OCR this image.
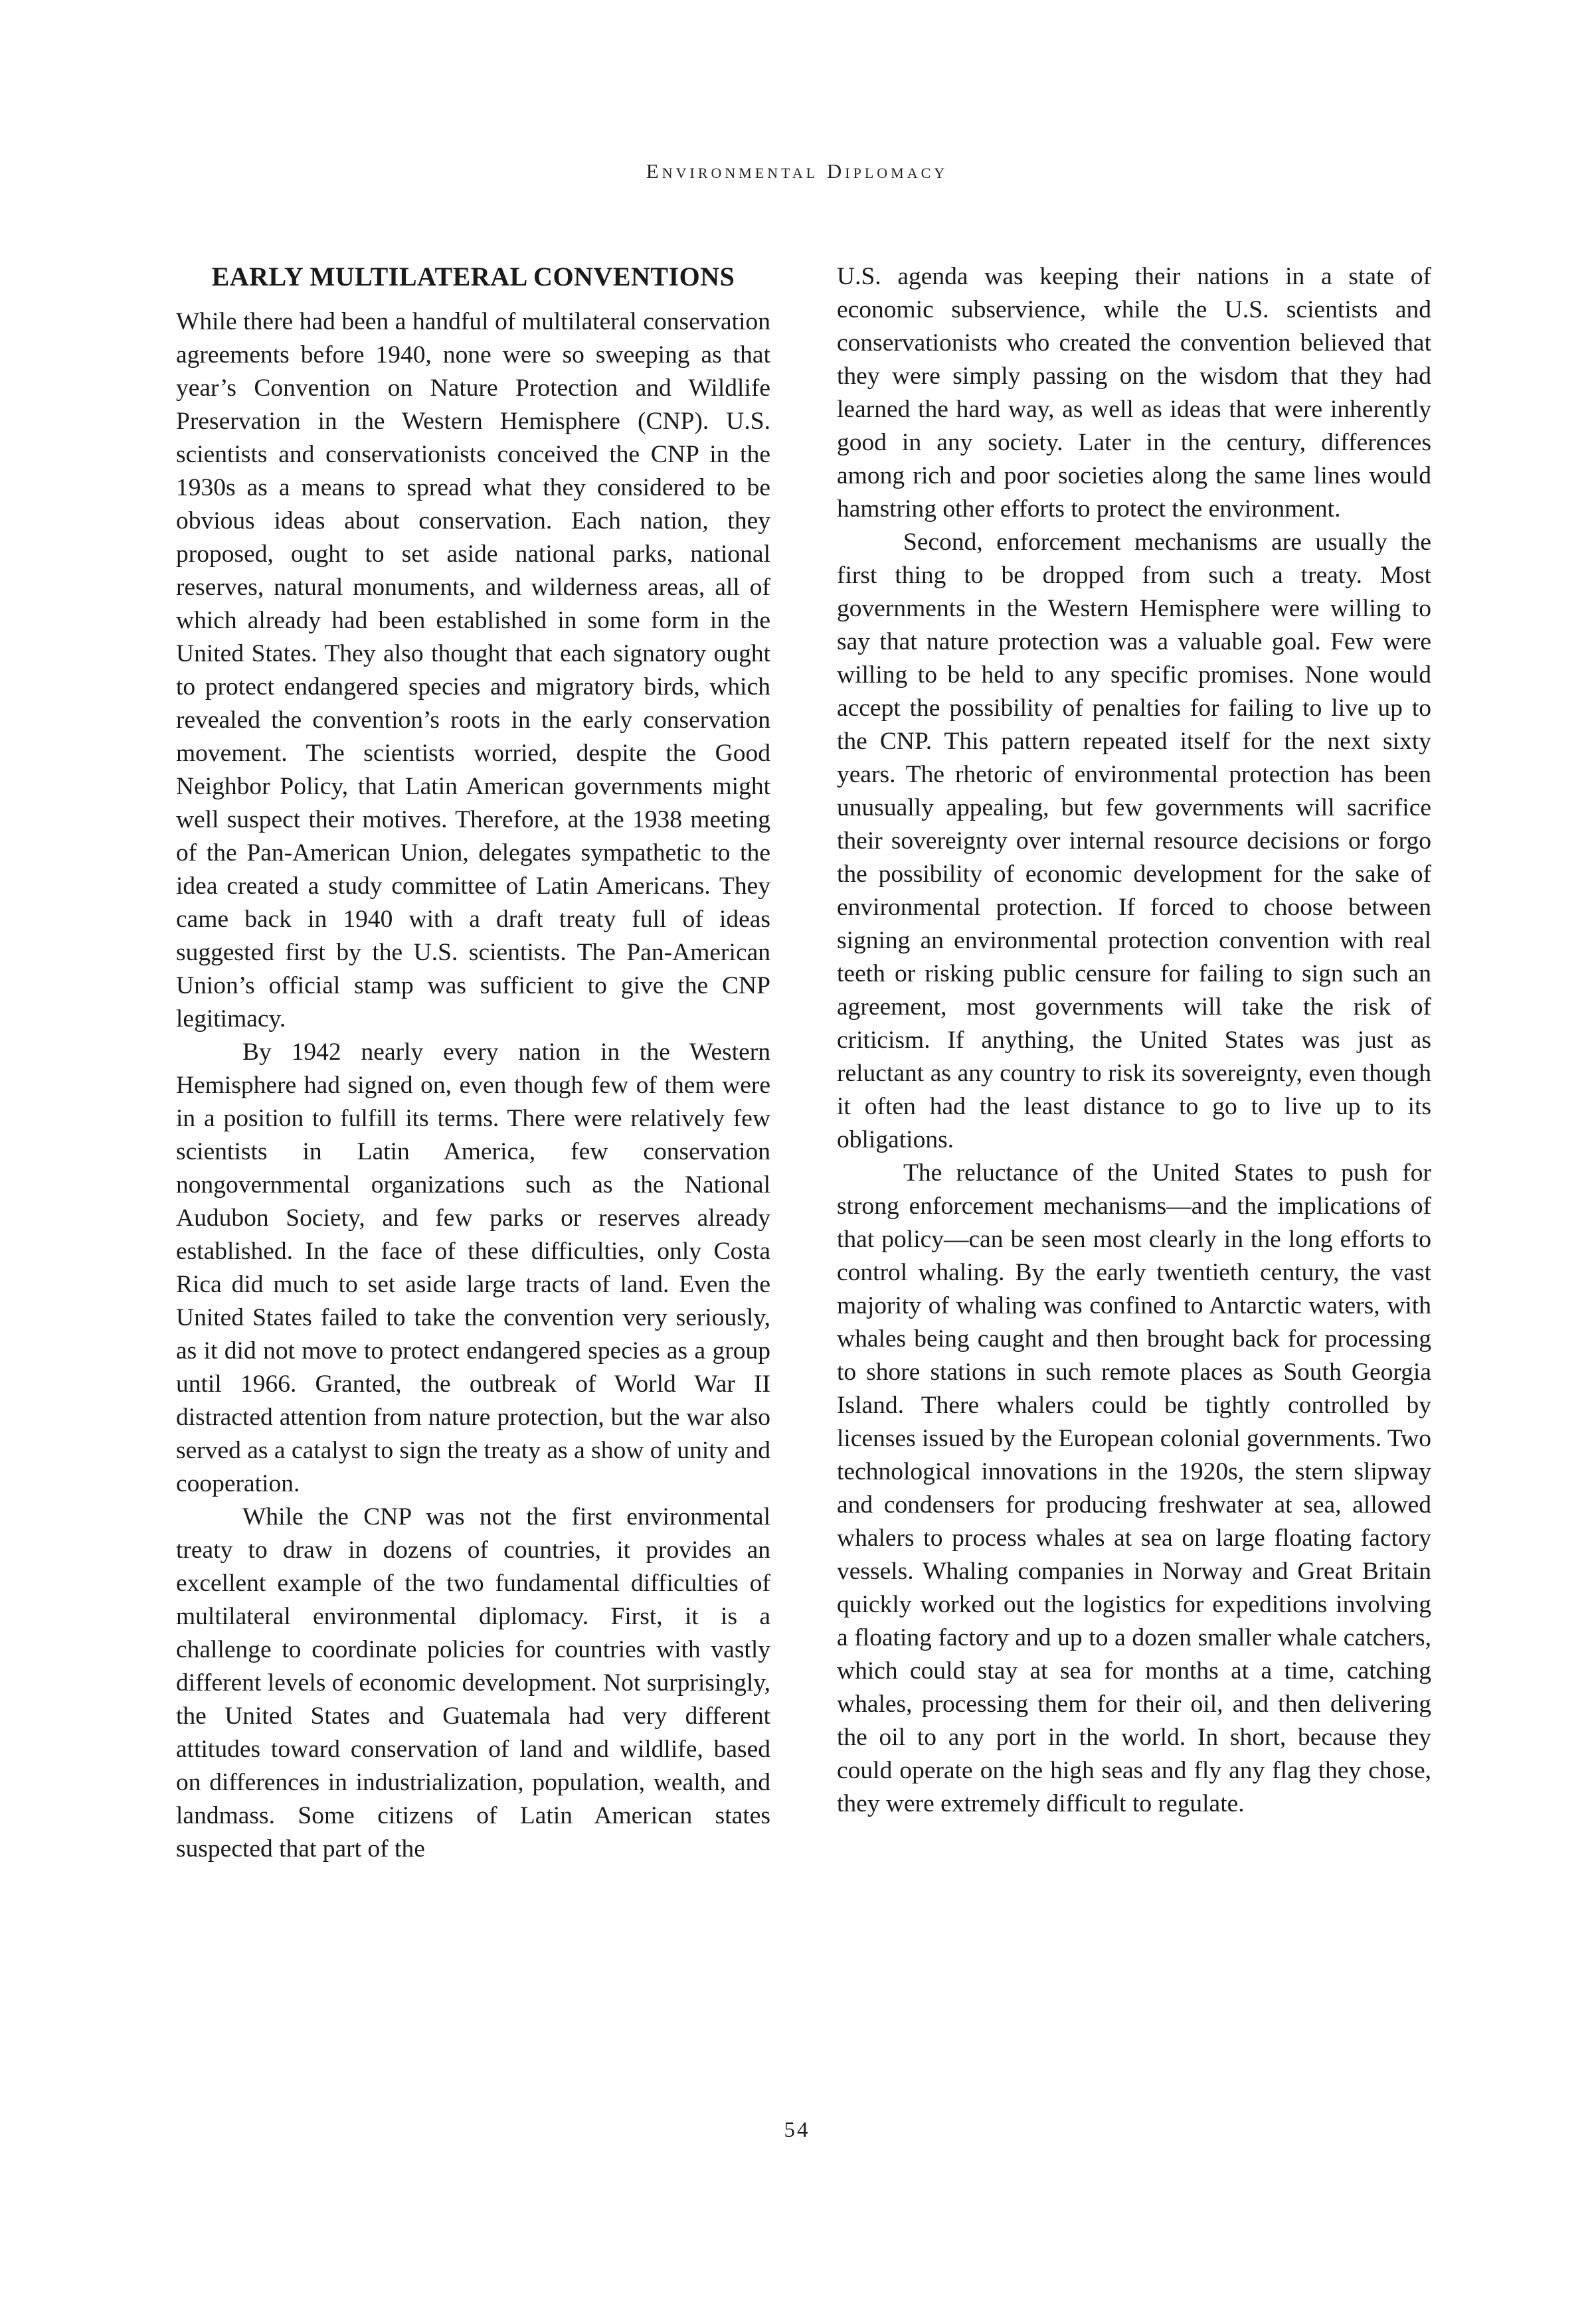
Environmental Diplomacy
EARLY MULTILATERAL CONVENTIONS

While there had been a handful of multilateral conservation agreements before 1940, none were so sweeping as that year’s Convention on Nature Protection and Wildlife Preservation in the Western Hemisphere (CNP). U.S. scientists and conservationists conceived the CNP in the 1930s as a means to spread what they considered to be obvious ideas about conservation. Each nation, they proposed, ought to set aside national parks, national reserves, natural monuments, and wilderness areas, all of which already had been established in some form in the United States. They also thought that each signatory ought to protect endangered species and migratory birds, which revealed the convention’s roots in the early conservation movement. The scientists worried, despite the Good Neighbor Policy, that Latin American governments might well suspect their motives. Therefore, at the 1938 meeting of the Pan-American Union, delegates sympathetic to the idea created a study committee of Latin Americans. They came back in 1940 with a draft treaty full of ideas suggested first by the U.S. scientists. The Pan-American Union’s official stamp was sufficient to give the CNP legitimacy.

By 1942 nearly every nation in the Western Hemisphere had signed on, even though few of them were in a position to fulfill its terms. There were relatively few scientists in Latin America, few conservation nongovernmental organizations such as the National Audubon Society, and few parks or reserves already established. In the face of these difficulties, only Costa Rica did much to set aside large tracts of land. Even the United States failed to take the convention very seriously, as it did not move to protect endangered species as a group until 1966. Granted, the outbreak of World War II distracted attention from nature protection, but the war also served as a catalyst to sign the treaty as a show of unity and cooperation.

While the CNP was not the first environmental treaty to draw in dozens of countries, it provides an excellent example of the two fundamental difficulties of multilateral environmental diplomacy. First, it is a challenge to coordinate policies for countries with vastly different levels of economic development. Not surprisingly, the United States and Guatemala had very different attitudes toward conservation of land and wildlife, based on differences in industrialization, population, wealth, and landmass. Some citizens of Latin American states suspected that part of the

U.S. agenda was keeping their nations in a state of economic subservience, while the U.S. scientists and conservationists who created the convention believed that they were simply passing on the wisdom that they had learned the hard way, as well as ideas that were inherently good in any society. Later in the century, differences among rich and poor societies along the same lines would hamstring other efforts to protect the environment.

Second, enforcement mechanisms are usually the first thing to be dropped from such a treaty. Most governments in the Western Hemisphere were willing to say that nature protection was a valuable goal. Few were willing to be held to any specific promises. None would accept the possibility of penalties for failing to live up to the CNP. This pattern repeated itself for the next sixty years. The rhetoric of environmental protection has been unusually appealing, but few governments will sacrifice their sovereignty over internal resource decisions or forgo the possibility of economic development for the sake of environmental protection. If forced to choose between signing an environmental protection convention with real teeth or risking public censure for failing to sign such an agreement, most governments will take the risk of criticism. If anything, the United States was just as reluctant as any country to risk its sovereignty, even though it often had the least distance to go to live up to its obligations.

The reluctance of the United States to push for strong enforcement mechanisms—and the implications of that policy—can be seen most clearly in the long efforts to control whaling. By the early twentieth century, the vast majority of whaling was confined to Antarctic waters, with whales being caught and then brought back for processing to shore stations in such remote places as South Georgia Island. There whalers could be tightly controlled by licenses issued by the European colonial governments. Two technological innovations in the 1920s, the stern slipway and condensers for producing freshwater at sea, allowed whalers to process whales at sea on large floating factory vessels. Whaling companies in Norway and Great Britain quickly worked out the logistics for expeditions involving a floating factory and up to a dozen smaller whale catchers, which could stay at sea for months at a time, catching whales, processing them for their oil, and then delivering the oil to any port in the world. In short, because they could operate on the high seas and fly any flag they chose, they were extremely difficult to regulate.

54
